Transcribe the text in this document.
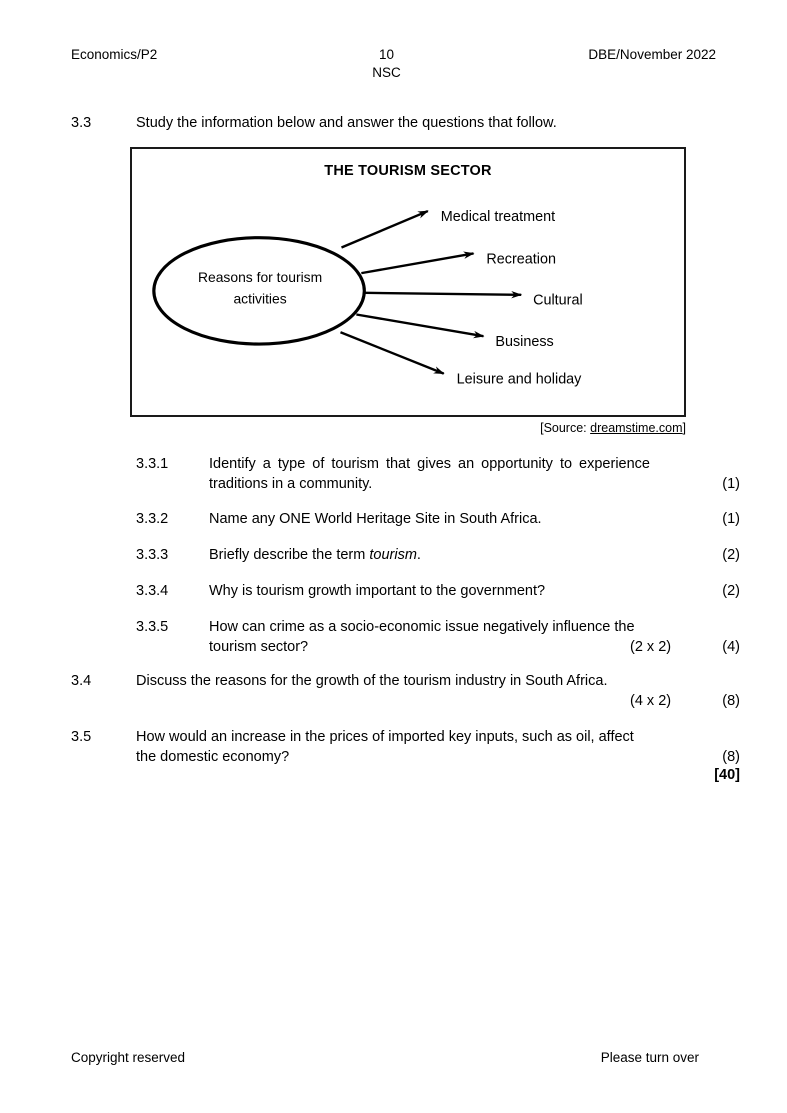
Economics/P2	10	DBE/November 2022
NSC
3.3	Study the information below and answer the questions that follow.
THE TOURISM SECTOR
Reasons for tourism
activities
Medical treatment
Recreation
Cultural
Business
Leisure and holiday
[Source: dreamstime.com]
3.3.1	Identify a type of tourism that gives an opportunity to experience traditions in a community.	(1)
3.3.2	Name any ONE World Heritage Site in South Africa.	(1)
3.3.3	Briefly describe the term tourism.	(2)
3.3.4	Why is tourism growth important to the government?	(2)
3.3.5	How can crime as a socio-economic issue negatively influence the tourism sector?	(2 x 2)	(4)
3.4	Discuss the reasons for the growth of the tourism industry in South Africa.
(4 x 2)	(8)
3.5	How would an increase in the prices of imported key inputs, such as oil, affect the domestic economy?	(8)
[40]
Copyright reserved	Please turn over
